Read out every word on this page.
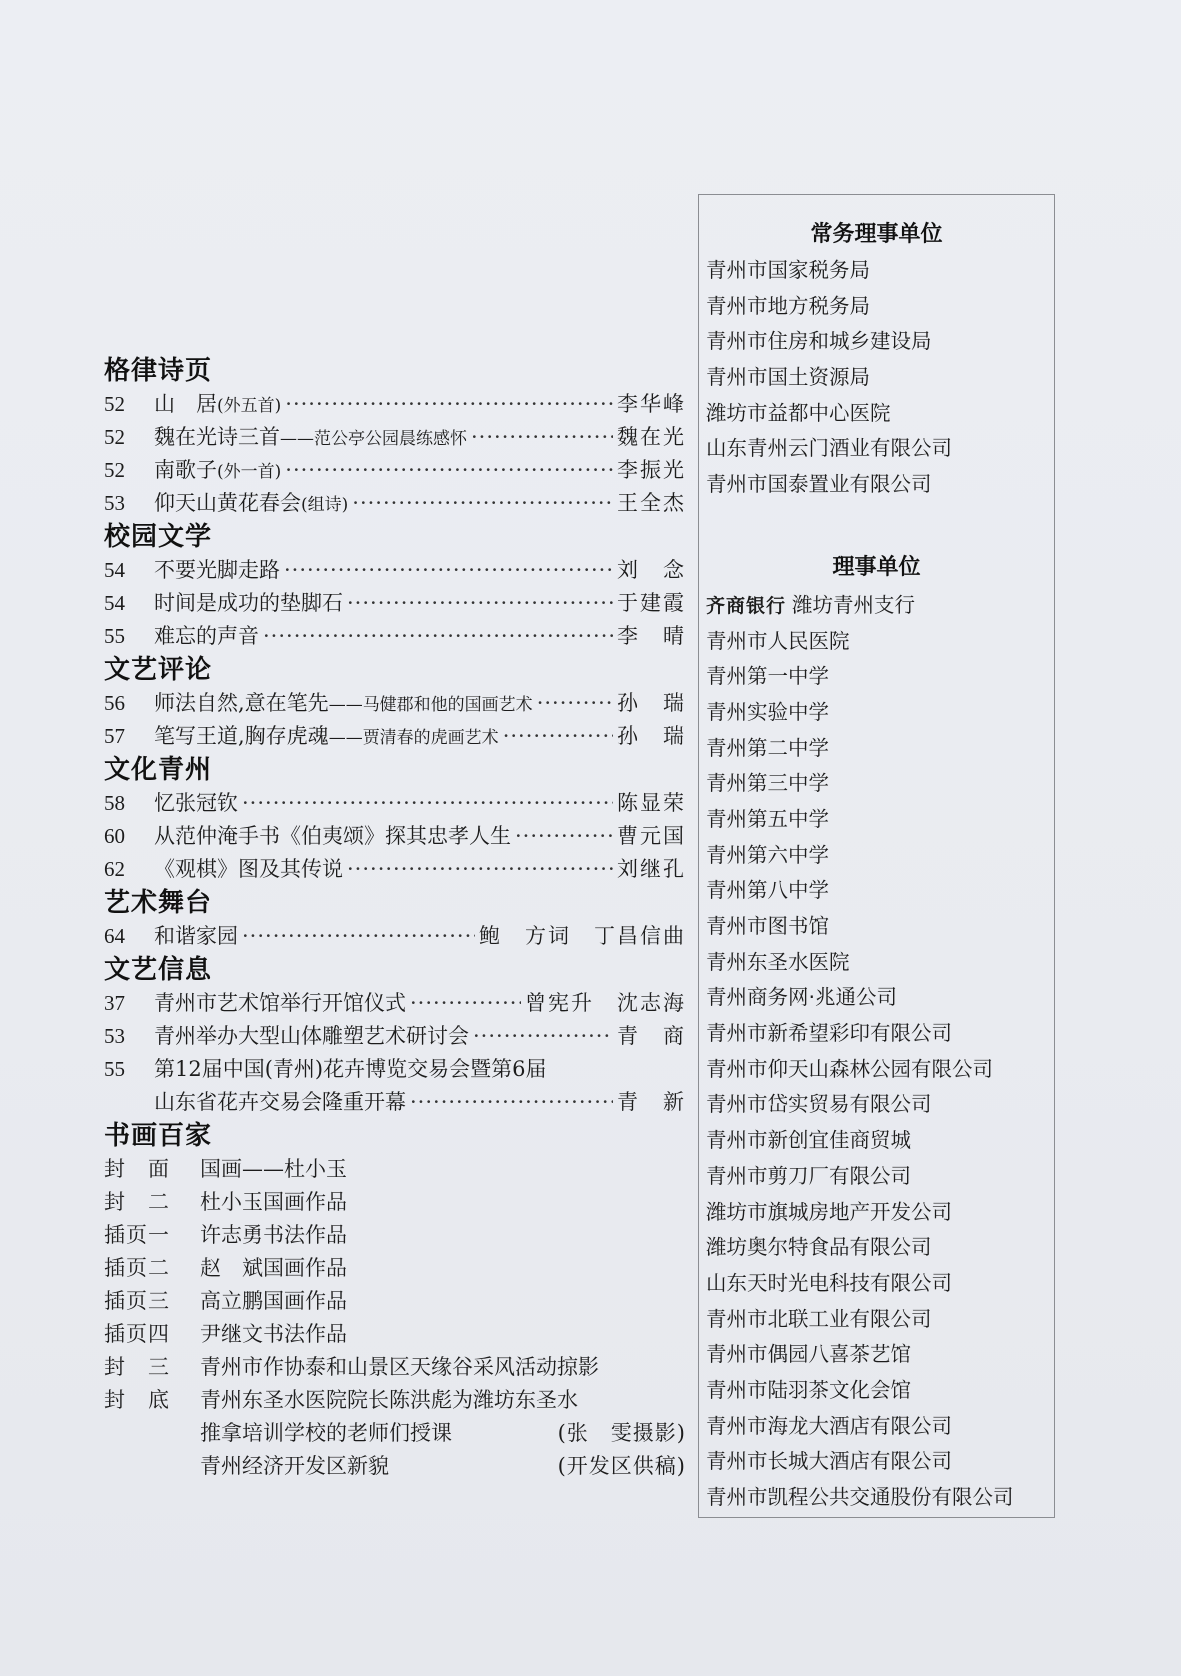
格律诗页
52	山　居 (外五首) ·····	李华峰
52	魏在光诗三首 ——范公亭公园晨练感怀 ·····	魏在光
52	南歌子 (外一首) ·····	李振光
53	仰天山黄花春会 (组诗) ·····	王全杰
校园文学
54	不要光脚走路 ·····	刘　念
54	时间是成功的垫脚石 ·····	于建霞
55	难忘的声音 ·····	李　晴
文艺评论
56	师法自然,意在笔先 ——马健郡和他的国画艺术 ·····	孙　瑞
57	笔写王道,胸存虎魂 ——贾清春的虎画艺术 ·····	孙　瑞
文化青州
58	忆张冠钦 ·····	陈显荣
60	从范仲淹手书《伯夷颂》探其忠孝人生 ·····	曹元国
62	《观棋》图及其传说 ·····	刘继孔
艺术舞台
64	和谐家园 ·····	鲍　方词　丁昌信曲
文艺信息
37	青州市艺术馆举行开馆仪式 ·····	曾宪升　沈志海
53	青州举办大型山体雕塑艺术研讨会 ·····	青　商
55	第12届中国(青州)花卉博览交易会暨第6届
山东省花卉交易会隆重开幕 ·····	青　新
书画百家
封　面	国画——杜小玉
封　二	杜小玉国画作品
插页一	许志勇书法作品
插页二	赵　斌国画作品
插页三	高立鹏国画作品
插页四	尹继文书法作品
封　三	青州市作协泰和山景区天缘谷采风活动掠影
封　底	青州东圣水医院院长陈洪彪为潍坊东圣水
推拿培训学校的老师们授课	(张　雯摄影)
青州经济开发区新貌	(开发区供稿)
常务理事单位
青州市国家税务局
青州市地方税务局
青州市住房和城乡建设局
青州市国土资源局
潍坊市益都中心医院
山东青州云门酒业有限公司
青州市国泰置业有限公司
理事单位
齐商银行 潍坊青州支行
青州市人民医院
青州第一中学
青州实验中学
青州第二中学
青州第三中学
青州第五中学
青州第六中学
青州第八中学
青州市图书馆
青州东圣水医院
青州商务网·兆通公司
青州市新希望彩印有限公司
青州市仰天山森林公园有限公司
青州市岱实贸易有限公司
青州市新创宜佳商贸城
青州市剪刀厂有限公司
潍坊市旗城房地产开发公司
潍坊奥尔特食品有限公司
山东天时光电科技有限公司
青州市北联工业有限公司
青州市偶园八喜茶艺馆
青州市陆羽茶文化会馆
青州市海龙大酒店有限公司
青州市长城大酒店有限公司
青州市凯程公共交通股份有限公司
